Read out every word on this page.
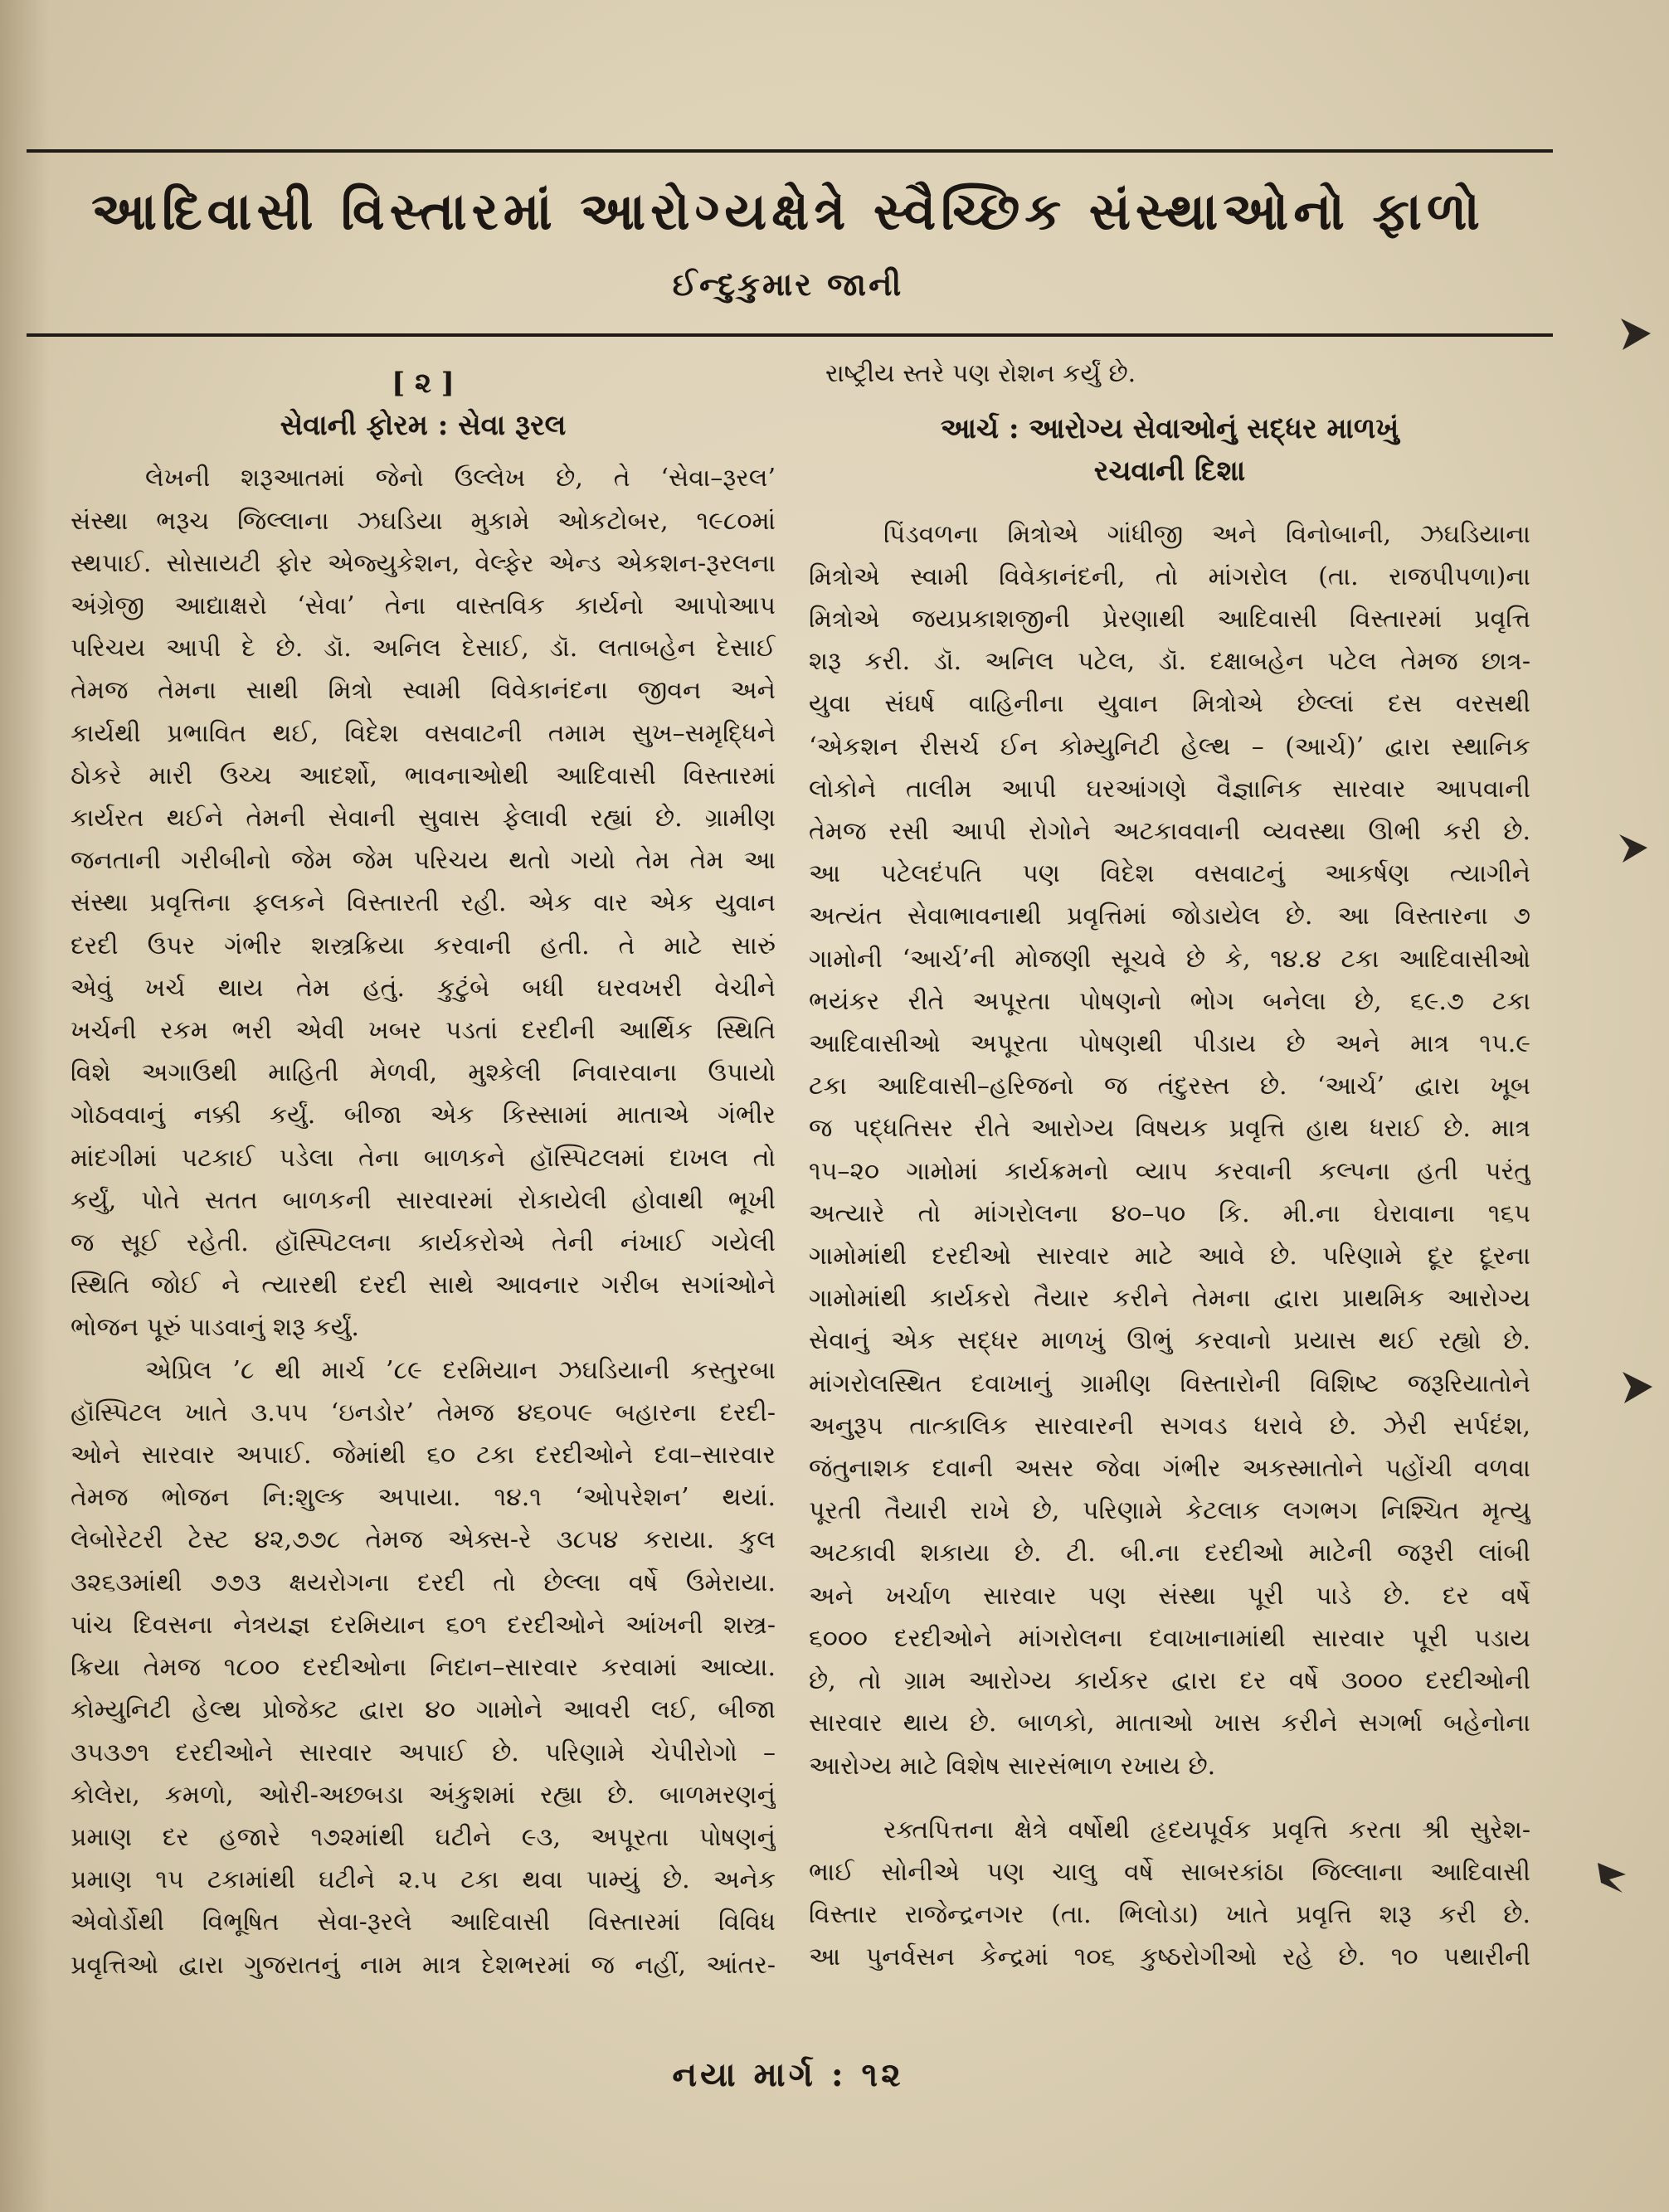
આદિવાસી વિસ્તારમાં આરોગ્યક્ષેત્રે સ્વૈચ્છિક સંસ્થાઓનો ફાળો
ઈન્દુકુમાર જાની
[ ૨ ]
સેવાની ફોરમ : સેવા રૂરલ
લેખની શરૂઆતમાં જેનો ઉલ્લેખ છે, તે ‘સેવા–રૂરલ’
સંસ્થા ભરૂચ જિલ્લાના ઝઘડિયા મુકામે ઓકટોબર, ૧૯૮૦માં
સ્થપાઈ. સોસાયટી ફોર એજ્યુકેશન, વેલ્ફેર એન્ડ એકશન-રૂરલના
અંગ્રેજી આદ્યાક્ષરો ‘સેવા’ તેના વાસ્તવિક કાર્યનો આપોઆપ
પરિચય આપી દે છે. ડૉ. અનિલ દેસાઈ, ડૉ. લતાબહેન દેસાઈ
તેમજ તેમના સાથી મિત્રો સ્વામી વિવેકાનંદના જીવન અને
કાર્યથી પ્રભાવિત થઈ, વિદેશ વસવાટની તમામ સુખ–સમૃદ્ધિને
ઠોકરે મારી ઉચ્ચ આદર્શો, ભાવનાઓથી આદિવાસી વિસ્તારમાં
કાર્યરત થઈને તેમની સેવાની સુવાસ ફેલાવી રહ્યાં છે. ગ્રામીણ
જનતાની ગરીબીનો જેમ જેમ પરિચય થતો ગયો તેમ તેમ આ
સંસ્થા પ્રવૃત્તિના ફલકને વિસ્તારતી રહી. એક વાર એક યુવાન
દરદી ઉપર ગંભીર શસ્ત્રક્રિયા કરવાની હતી. તે માટે સારું
એવું ખર્ચ થાય તેમ હતું. કુટુંબે બધી ઘરવખરી વેચીને
ખર્ચની રકમ ભરી એવી ખબર પડતાં દરદીની આર્થિક સ્થિતિ
વિશે અગાઉથી માહિતી મેળવી, મુશ્કેલી નિવારવાના ઉપાયો
ગોઠવવાનું નક્કી કર્યું. બીજા એક કિસ્સામાં માતાએ ગંભીર
માંદગીમાં પટકાઈ પડેલા તેના બાળકને હૉસ્પિટલમાં દાખલ તો
કર્યું, પોતે સતત બાળકની સારવારમાં રોકાયેલી હોવાથી ભૂખી
જ સૂઈ રહેતી. હૉસ્પિટલના કાર્યકરોએ તેની નંખાઈ ગયેલી
સ્થિતિ જોઈ ને ત્યારથી દરદી સાથે આવનાર ગરીબ સગાંઓને
ભોજન પૂરું પાડવાનું શરૂ કર્યું.
એપ્રિલ ’૮ થી માર્ચ ’૮૯ દરમિયાન ઝઘડિયાની કસ્તુરબા
હૉસ્પિટલ ખાતે ૩.૫૫ ‘ઇનડોર’ તેમજ ૪૬૦૫૯ બહારના દરદી-
ઓને સારવાર અપાઈ. જેમાંથી ૬૦ ટકા દરદીઓને દવા–સારવાર
તેમજ ભોજન નિ:શુલ્ક અપાયા. ૧૪.૧ ‘ઓપરેશન’ થયાં.
લેબોરેટરી ટેસ્ટ ૪૨,૭૭૮ તેમજ એક્સ-રે ૩૮૫૪ કરાયા. કુલ
૩૨૬૩માંથી ૭૭૩ ક્ષયરોગના દરદી તો છેલ્લા વર્ષે ઉમેરાયા.
પાંચ દિવસના નેત્રયજ્ઞ દરમિયાન ૬૦૧ દરદીઓને આંખની શસ્ત્ર-
ક્રિયા તેમજ ૧૮૦૦ દરદીઓના નિદાન–સારવાર કરવામાં આવ્યા.
કોમ્યુનિટી હેલ્થ પ્રોજેક્ટ દ્વારા ૪૦ ગામોને આવરી લઈ, બીજા
૩૫૩૭૧ દરદીઓને સારવાર અપાઈ છે. પરિણામે ચેપીરોગો –
કોલેરા, કમળો, ઓરી-અછબડા અંકુશમાં રહ્યા છે. બાળમરણનું
પ્રમાણ દર હજારે ૧૭૨માંથી ઘટીને ૯૩, અપૂરતા પોષણનું
પ્રમાણ ૧૫ ટકામાંથી ઘટીને ૨.૫ ટકા થવા પામ્યું છે. અનેક
એવોર્ડોથી વિભૂષિત સેવા-રૂરલે આદિવાસી વિસ્તારમાં વિવિધ
પ્રવૃત્તિઓ દ્વારા ગુજરાતનું નામ માત્ર દેશભરમાં જ નહીં, આંતર-
રાષ્ટ્રીય સ્તરે પણ રોશન કર્યું છે.
આર્ચ : આરોગ્ય સેવાઓનું સદ્ધર માળખું
રચવાની દિશા
પિંડવળના મિત્રોએ ગાંધીજી અને વિનોબાની, ઝઘડિયાના
મિત્રોએ સ્વામી વિવેકાનંદની, તો માંગરોલ (તા. રાજપીપળા)ના
મિત્રોએ જયપ્રકાશજીની પ્રેરણાથી આદિવાસી વિસ્તારમાં પ્રવૃત્તિ
શરૂ કરી. ડૉ. અનિલ પટેલ, ડૉ. દક્ષાબહેન પટેલ તેમજ છાત્ર-
યુવા સંઘર્ષ વાહિનીના યુવાન મિત્રોએ છેલ્લાં દસ વરસથી
‘એકશન રીસર્ચ ઈન કોમ્યુનિટી હેલ્થ – (આર્ચ)’ દ્વારા સ્થાનિક
લોકોને તાલીમ આપી ઘરઆંગણે વૈજ્ઞાનિક સારવાર આપવાની
તેમજ રસી આપી રોગોને અટકાવવાની વ્યવસ્થા ઊભી કરી છે.
આ પટેલદંપતિ પણ વિદેશ વસવાટનું આકર્ષણ ત્યાગીને
અત્યંત સેવાભાવનાથી પ્રવૃત્તિમાં જોડાયેલ છે. આ વિસ્તારના ૭
ગામોની ‘આર્ચ’ની મોજણી સૂચવે છે કે, ૧૪.૪ ટકા આદિવાસીઓ
ભયંકર રીતે અપૂરતા પોષણનો ભોગ બનેલા છે, ૬૯.૭ ટકા
આદિવાસીઓ અપૂરતા પોષણથી પીડાય છે અને માત્ર ૧૫.૯
ટકા આદિવાસી–હરિજનો જ તંદુરસ્ત છે. ‘આર્ચ’ દ્વારા ખૂબ
જ પદ્ધતિસર રીતે આરોગ્ય વિષયક પ્રવૃત્તિ હાથ ધરાઈ છે. માત્ર
૧૫–૨૦ ગામોમાં કાર્યક્રમનો વ્યાપ કરવાની કલ્પના હતી પરંતુ
અત્યારે તો માંગરોલના ૪૦–૫૦ કિ. મી.ના ઘેરાવાના ૧૬૫
ગામોમાંથી દરદીઓ સારવાર માટે આવે છે. પરિણામે દૂર દૂરના
ગામોમાંથી કાર્યકરો તૈયાર કરીને તેમના દ્વારા પ્રાથમિક આરોગ્ય
સેવાનું એક સદ્ધર માળખું ઊભું કરવાનો પ્રયાસ થઈ રહ્યો છે.
માંગરોલસ્થિત દવાખાનું ગ્રામીણ વિસ્તારોની વિશિષ્ટ જરૂરિયાતોને
અનુરૂપ તાત્કાલિક સારવારની સગવડ ધરાવે છે. ઝેરી સર્પદંશ,
જંતુનાશક દવાની અસર જેવા ગંભીર અકસ્માતોને પહોંચી વળવા
પૂરતી તૈયારી રાખે છે, પરિણામે કેટલાક લગભગ નિશ્ચિત મૃત્યુ
અટકાવી શકાયા છે. ટી. બી.ના દરદીઓ માટેની જરૂરી લાંબી
અને ખર્ચાળ સારવાર પણ સંસ્થા પૂરી પાડે છે. દર વર્ષે
૬૦૦૦ દરદીઓને માંગરોલના દવાખાનામાંથી સારવાર પૂરી પડાય
છે, તો ગ્રામ આરોગ્ય કાર્યકર દ્વારા દર વર્ષે ૩૦૦૦ દરદીઓની
સારવાર થાય છે. બાળકો, માતાઓ ખાસ કરીને સગર્ભા બહેનોના
આરોગ્ય માટે વિશેષ સારસંભાળ રખાય છે.
રક્તપિત્તના ક્ષેત્રે વર્ષોથી હૃદયપૂર્વક પ્રવૃત્તિ કરતા શ્રી સુરેશ-
ભાઈ સોનીએ પણ ચાલુ વર્ષે સાબરકાંઠા જિલ્લાના આદિવાસી
વિસ્તાર રાજેન્દ્રનગર (તા. ભિલોડા) ખાતે પ્રવૃત્તિ શરૂ કરી છે.
આ પુનર્વસન કેન્દ્રમાં ૧૦૬ કુષ્ઠરોગીઓ રહે છે. ૧૦ પથારીની
નયા માર્ગ : ૧૨
